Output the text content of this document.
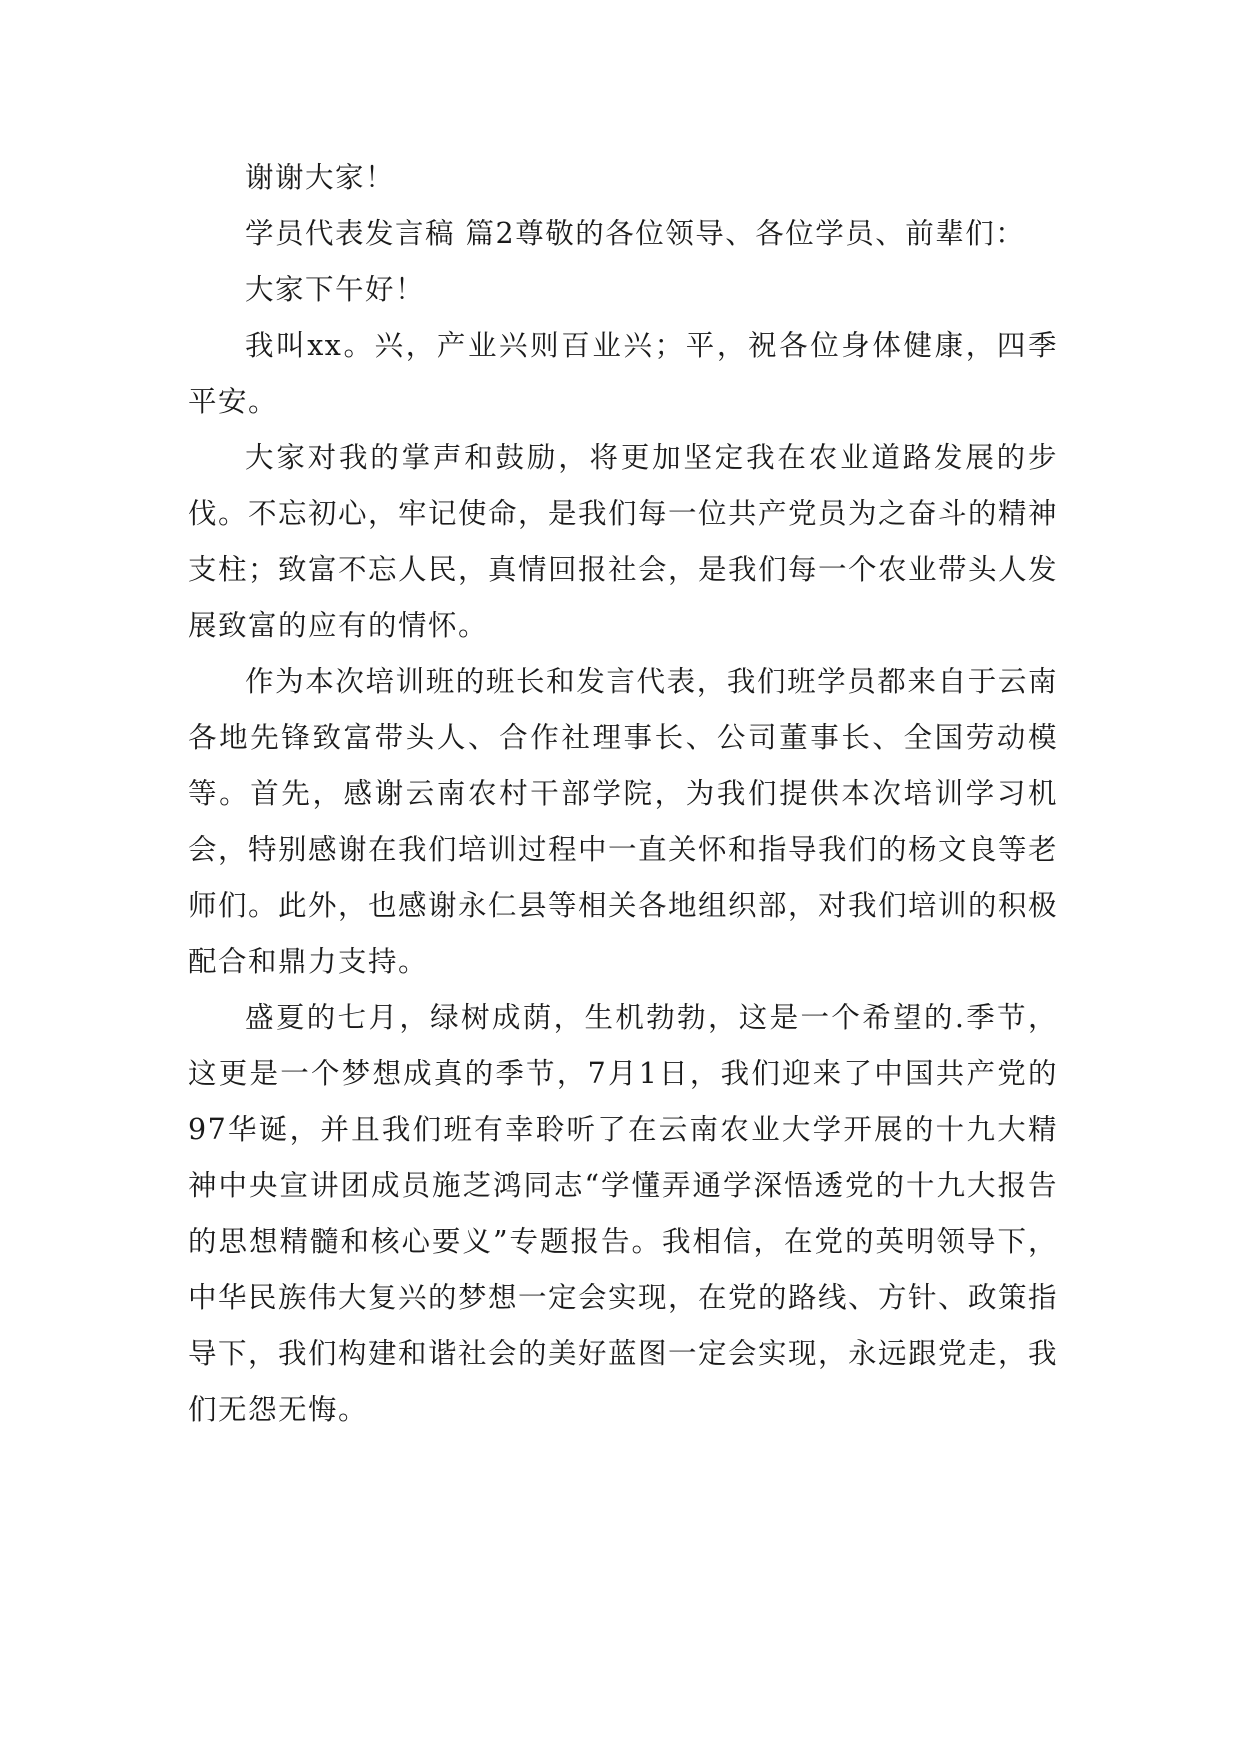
谢谢大家！

学员代表发言稿 篇2尊敬的各位领导、各位学员、前辈们：

大家下午好！

我叫xx。兴，产业兴则百业兴；平，祝各位身体健康，四季平安。

大家对我的掌声和鼓励，将更加坚定我在农业道路发展的步伐。不忘初心，牢记使命，是我们每一位共产党员为之奋斗的精神支柱；致富不忘人民，真情回报社会，是我们每一个农业带头人发展致富的应有的情怀。

作为本次培训班的班长和发言代表，我们班学员都来自于云南各地先锋致富带头人、合作社理事长、公司董事长、全国劳动模等。首先，感谢云南农村干部学院，为我们提供本次培训学习机会，特别感谢在我们培训过程中一直关怀和指导我们的杨文良等老师们。此外，也感谢永仁县等相关各地组织部，对我们培训的积极配合和鼎力支持。

盛夏的七月，绿树成荫，生机勃勃，这是一个希望的.季节，这更是一个梦想成真的季节，7月1日，我们迎来了中国共产党的97华诞，并且我们班有幸聆听了在云南农业大学开展的十九大精神中央宣讲团成员施芝鸿同志“学懂弄通学深悟透党的十九大报告的思想精髓和核心要义”专题报告。我相信，在党的英明领导下，中华民族伟大复兴的梦想一定会实现，在党的路线、方针、政策指导下，我们构建和谐社会的美好蓝图一定会实现，永远跟党走，我们无怨无悔。
